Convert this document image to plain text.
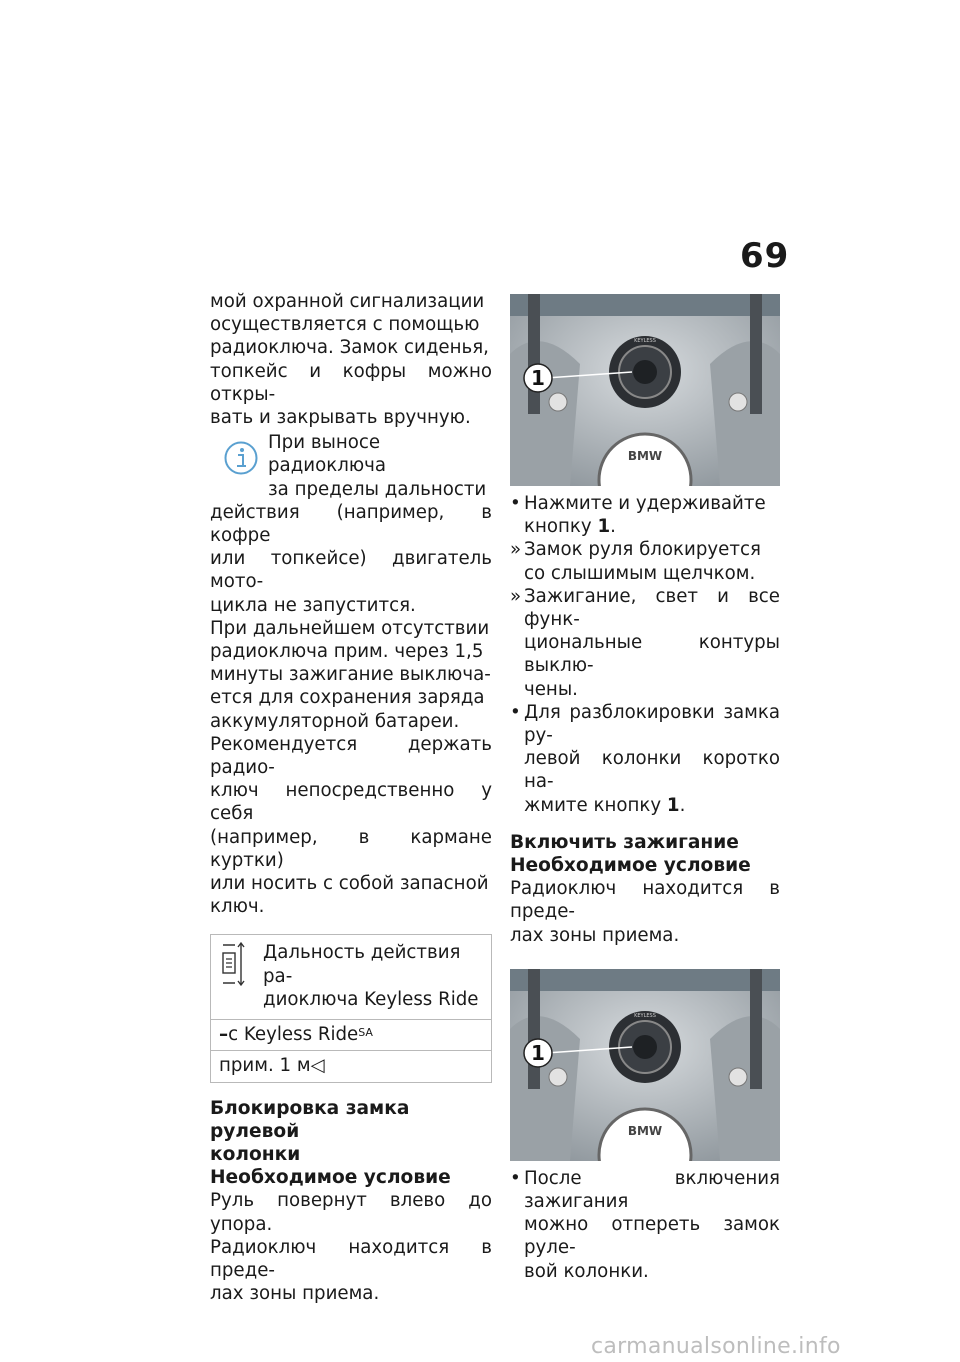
69

мой охранной сигнализации
осуществляется с помощью
радиоключа. Замок сиденья,
топкейс и кофры можно откры-
вать и закрывать вручную.

При выносе радиоключа
за пределы дальности

действия (например, в кофре
или топкейсе) двигатель мото-
цикла не запустится.

При дальнейшем отсутствии
радиоключа прим. через 1,5
минуты зажигание выключа-
ется для сохранения заряда
аккумуляторной батареи.

Рекомендуется держать радио-
ключ непосредственно у себя
(например, в кармане куртки)
или носить с собой запасной
ключ.

Дальность действия ра-
диоключа Keyless Ride
–с Keyless Ride$^{SA}$
прим. 1 м◁

Блокировка замка рулевой
колонки

Необходимое условие

Руль повернут влево до упора.
Радиоключ находится в преде-
лах зоны приема.

KEYLESS
BMW
1
• Нажмите и удерживайте
кнопку 1.
» Замок руля блокируется
со слышимым щелчком.
» Зажигание, свет и все функ-
циональные контуры выклю-
чены.
• Для разблокировки замка ру-
левой колонки коротко на-
жмите кнопку 1.

Включить зажигание

Необходимое условие

Радиоключ находится в преде-
лах зоны приема.

KEYLESS
BMW
1
• После включения зажигания
можно отпереть замок руле-
вой колонки.
carmanualsonline.info
